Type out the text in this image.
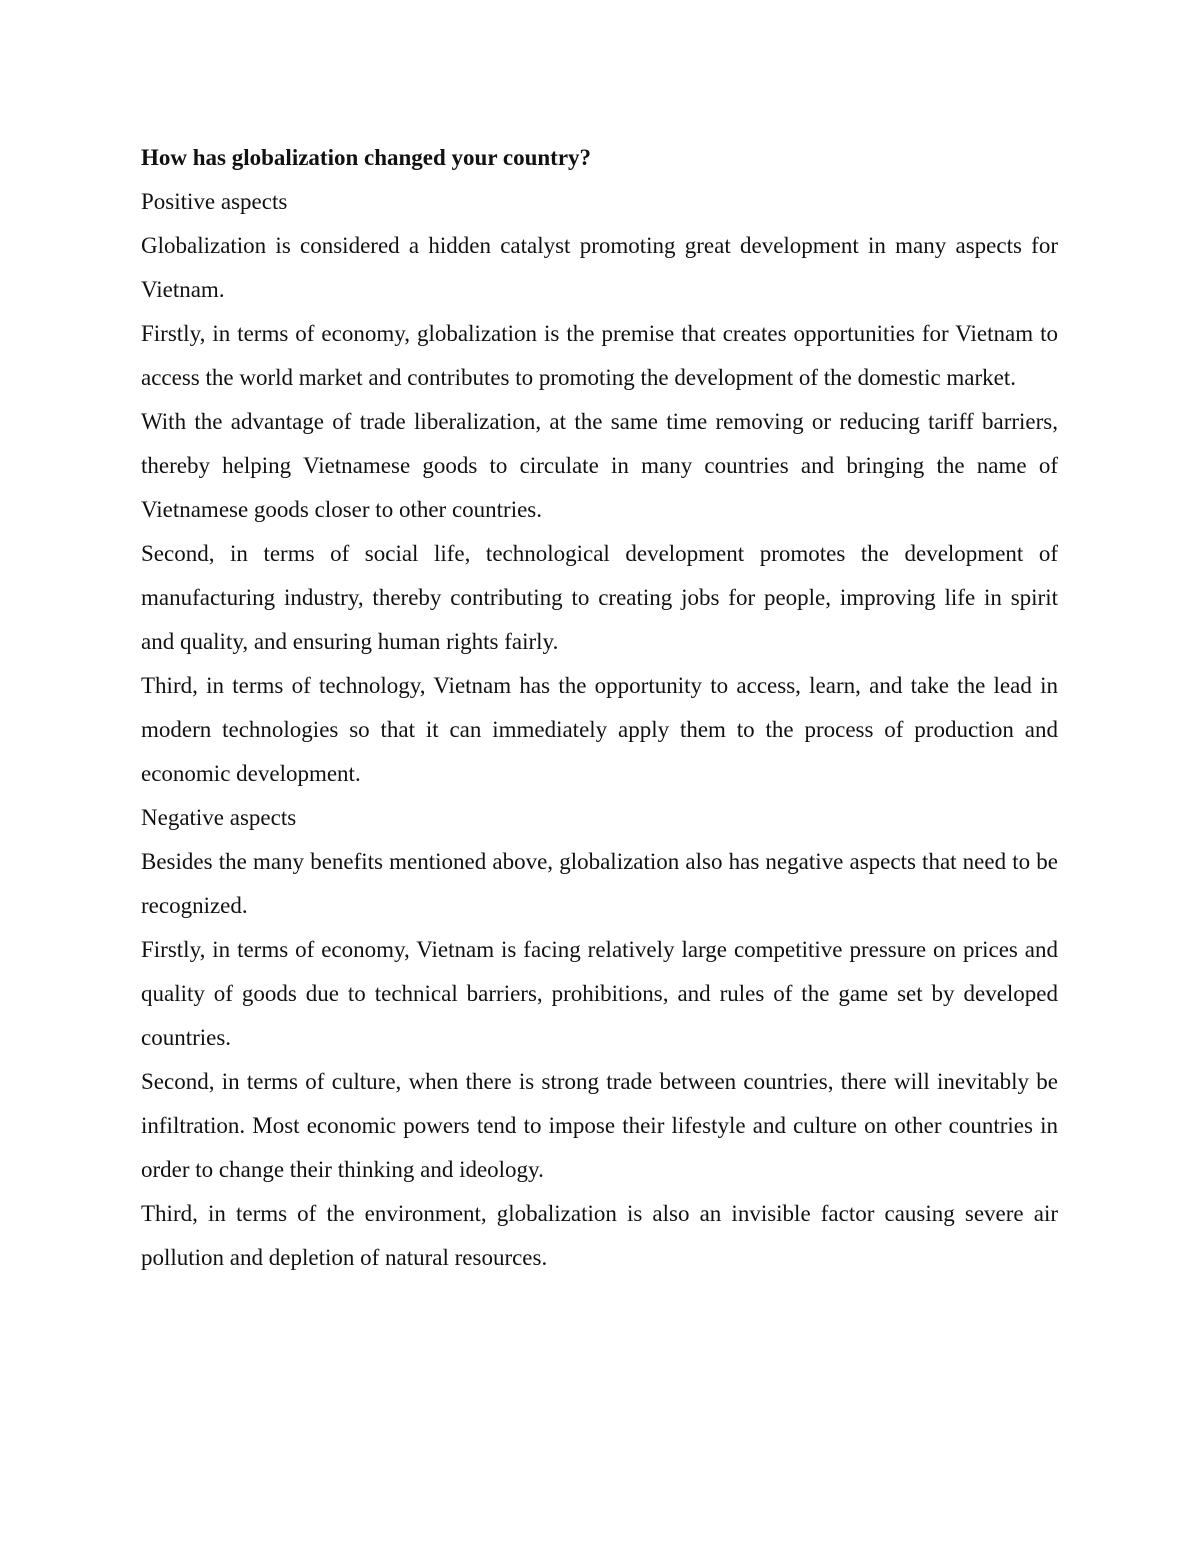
How has globalization changed your country?

Positive aspects

Globalization is considered a hidden catalyst promoting great development in many aspects for Vietnam.

Firstly, in terms of economy, globalization is the premise that creates opportunities for Vietnam to access the world market and contributes to promoting the development of the domestic market.

With the advantage of trade liberalization, at the same time removing or reducing tariff barriers, thereby helping Vietnamese goods to circulate in many countries and bringing the name of Vietnamese goods closer to other countries.

Second, in terms of social life, technological development promotes the development of manufacturing industry, thereby contributing to creating jobs for people, improving life in spirit and quality, and ensuring human rights fairly.

Third, in terms of technology, Vietnam has the opportunity to access, learn, and take the lead in modern technologies so that it can immediately apply them to the process of production and economic development.

Negative aspects

Besides the many benefits mentioned above, globalization also has negative aspects that need to be recognized.

Firstly, in terms of economy, Vietnam is facing relatively large competitive pressure on prices and quality of goods due to technical barriers, prohibitions, and rules of the game set by developed countries.

Second, in terms of culture, when there is strong trade between countries, there will inevitably be infiltration. Most economic powers tend to impose their lifestyle and culture on other countries in order to change their thinking and ideology.

Third, in terms of the environment, globalization is also an invisible factor causing severe air pollution and depletion of natural resources.
